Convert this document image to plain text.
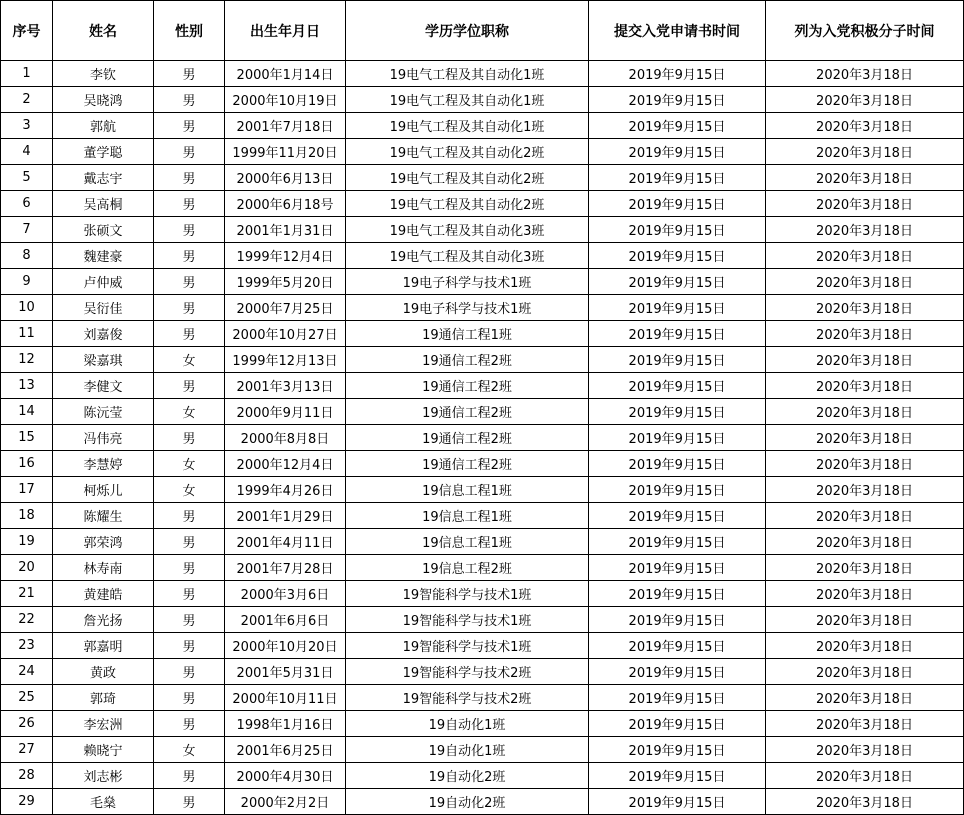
序号	姓名	性别	出生年月日	学历学位职称	提交入党申请书时间	列为入党积极分子时间
1	李钦	男	2000年1月14日	19电气工程及其自动化1班	2019年9月15日	2020年3月18日
2	吴晓鸿	男	2000年10月19日	19电气工程及其自动化1班	2019年9月15日	2020年3月18日
3	郭航	男	2001年7月18日	19电气工程及其自动化1班	2019年9月15日	2020年3月18日
4	董学聪	男	1999年11月20日	19电气工程及其自动化2班	2019年9月15日	2020年3月18日
5	戴志宇	男	2000年6月13日	19电气工程及其自动化2班	2019年9月15日	2020年3月18日
6	吴高桐	男	2000年6月18号	19电气工程及其自动化2班	2019年9月15日	2020年3月18日
7	张硕文	男	2001年1月31日	19电气工程及其自动化3班	2019年9月15日	2020年3月18日
8	魏建豪	男	1999年12月4日	19电气工程及其自动化3班	2019年9月15日	2020年3月18日
9	卢仲威	男	1999年5月20日	19电子科学与技术1班	2019年9月15日	2020年3月18日
10	吴衍佳	男	2000年7月25日	19电子科学与技术1班	2019年9月15日	2020年3月18日
11	刘嘉俊	男	2000年10月27日	19通信工程1班	2019年9月15日	2020年3月18日
12	梁嘉琪	女	1999年12月13日	19通信工程2班	2019年9月15日	2020年3月18日
13	李健文	男	2001年3月13日	19通信工程2班	2019年9月15日	2020年3月18日
14	陈沅莹	女	2000年9月11日	19通信工程2班	2019年9月15日	2020年3月18日
15	冯伟亮	男	2000年8月8日	19通信工程2班	2019年9月15日	2020年3月18日
16	李慧婷	女	2000年12月4日	19通信工程2班	2019年9月15日	2020年3月18日
17	柯烁儿	女	1999年4月26日	19信息工程1班	2019年9月15日	2020年3月18日
18	陈耀生	男	2001年1月29日	19信息工程1班	2019年9月15日	2020年3月18日
19	郭荣鸿	男	2001年4月11日	19信息工程1班	2019年9月15日	2020年3月18日
20	林寿南	男	2001年7月28日	19信息工程2班	2019年9月15日	2020年3月18日
21	黄建皓	男	2000年3月6日	19智能科学与技术1班	2019年9月15日	2020年3月18日
22	詹光扬	男	2001年6月6日	19智能科学与技术1班	2019年9月15日	2020年3月18日
23	郭嘉明	男	2000年10月20日	19智能科学与技术1班	2019年9月15日	2020年3月18日
24	黄政	男	2001年5月31日	19智能科学与技术2班	2019年9月15日	2020年3月18日
25	郭琦	男	2000年10月11日	19智能科学与技术2班	2019年9月15日	2020年3月18日
26	李宏洲	男	1998年1月16日	19自动化1班	2019年9月15日	2020年3月18日
27	赖晓宁	女	2001年6月25日	19自动化1班	2019年9月15日	2020年3月18日
28	刘志彬	男	2000年4月30日	19自动化2班	2019年9月15日	2020年3月18日
29	毛燊	男	2000年2月2日	19自动化2班	2019年9月15日	2020年3月18日
